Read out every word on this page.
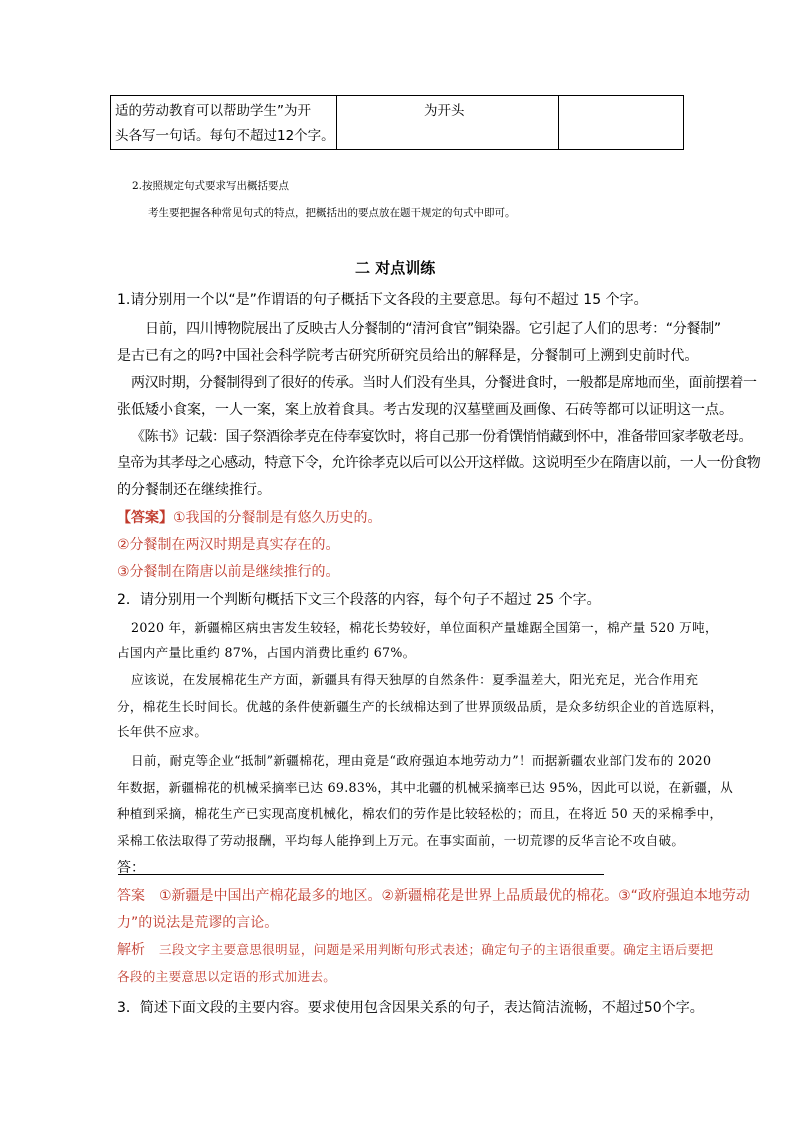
适的劳动教育可以帮助学生”为开
头各写一句话。每句不超过12个字。
为开头
2.按照规定句式要求写出概括要点
考生要把握各种常见句式的特点，把概括出的要点放在题干规定的句式中即可。
二 对点训练
1.请分别用一个以“是”作谓语的句子概括下文各段的主要意思。每句不超过 15 个字。
日前，四川博物院展出了反映古人分餐制的“清河食官”铜染器。它引起了人们的思考：“分餐制”
是古已有之的吗?中国社会科学院考古研究所研究员给出的解释是，分餐制可上溯到史前时代。
两汉时期，分餐制得到了很好的传承。当时人们没有坐具，分餐进食时，一般都是席地而坐，面前摆着一
张低矮小食案，一人一案，案上放着食具。考古发现的汉墓壁画及画像、石砖等都可以证明这一点。
《陈书》记载：国子祭酒徐孝克在侍奉宴饮时，将自己那一份肴馔悄悄藏到怀中，准备带回家孝敬老母。
皇帝为其孝母之心感动，特意下令，允许徐孝克以后可以公开这样做。这说明至少在隋唐以前，一人一份食物
的分餐制还在继续推行。
【答案】①我国的分餐制是有悠久历史的。
②分餐制在两汉时期是真实存在的。
③分餐制在隋唐以前是继续推行的。
2．请分别用一个判断句概括下文三个段落的内容，每个句子不超过 25 个字。
2020 年，新疆棉区病虫害发生较轻，棉花长势较好，单位面积产量雄踞全国第一，棉产量 520 万吨，
占国内产量比重约 87%，占国内消费比重约 67%。
应该说，在发展棉花生产方面，新疆具有得天独厚的自然条件：夏季温差大，阳光充足，光合作用充
分，棉花生长时间长。优越的条件使新疆生产的长绒棉达到了世界顶级品质，是众多纺织企业的首选原料，
长年供不应求。
日前，耐克等企业“抵制”新疆棉花，理由竟是“政府强迫本地劳动力”！而据新疆农业部门发布的 2020
年数据，新疆棉花的机械采摘率已达 69.83%，其中北疆的机械采摘率已达 95%，因此可以说，在新疆，从
种植到采摘，棉花生产已实现高度机械化，棉农们的劳作是比较轻松的；而且，在将近 50 天的采棉季中，
采棉工依法取得了劳动报酬，平均每人能挣到上万元。在事实面前，一切荒谬的反华言论不攻自破。
答：
答案 ①新疆是中国出产棉花最多的地区。②新疆棉花是世界上品质最优的棉花。③“政府强迫本地劳动
力”的说法是荒谬的言论。
解析 三段文字主要意思很明显，问题是采用判断句形式表述；确定句子的主语很重要。确定主语后要把
各段的主要意思以定语的形式加进去。
3．简述下面文段的主要内容。要求使用包含因果关系的句子，表达简洁流畅，不超过50个字。
